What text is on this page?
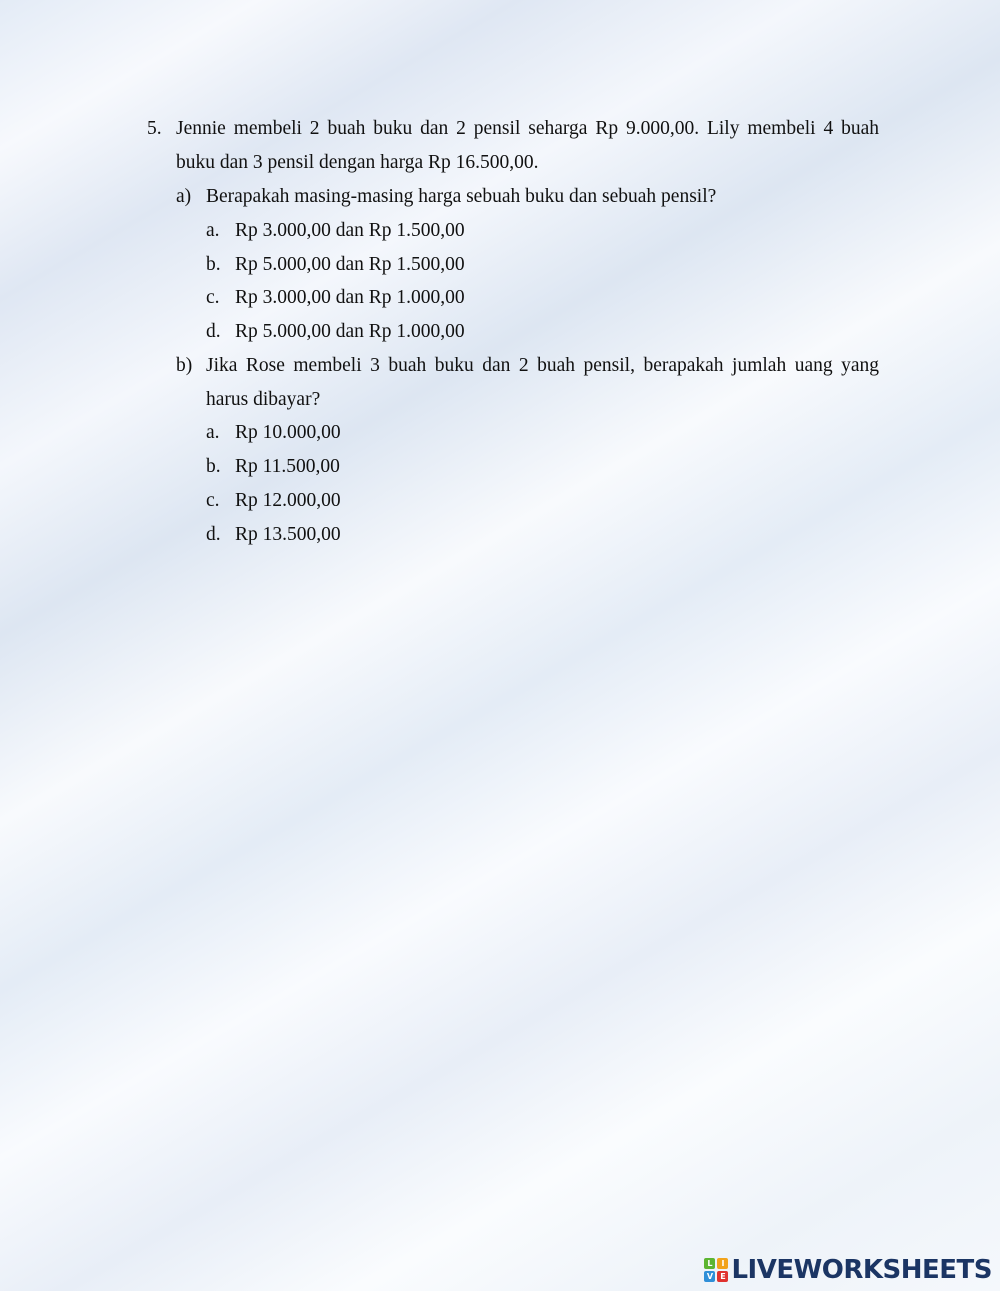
5. Jennie membeli 2 buah buku dan 2 pensil seharga Rp 9.000,00. Lily membeli 4 buah
buku dan 3 pensil dengan harga Rp 16.500,00.
a) Berapakah masing-masing harga sebuah buku dan sebuah pensil?
a. Rp 3.000,00 dan Rp 1.500,00
b. Rp 5.000,00 dan Rp 1.500,00
c. Rp 3.000,00 dan Rp 1.000,00
d. Rp 5.000,00 dan Rp 1.000,00
b) Jika Rose membeli 3 buah buku dan 2 buah pensil, berapakah jumlah uang yang
harus dibayar?
a. Rp 10.000,00
b. Rp 11.500,00
c. Rp 12.000,00
d. Rp 13.500,00
L	I
V E LIVEWORKSHEETS
